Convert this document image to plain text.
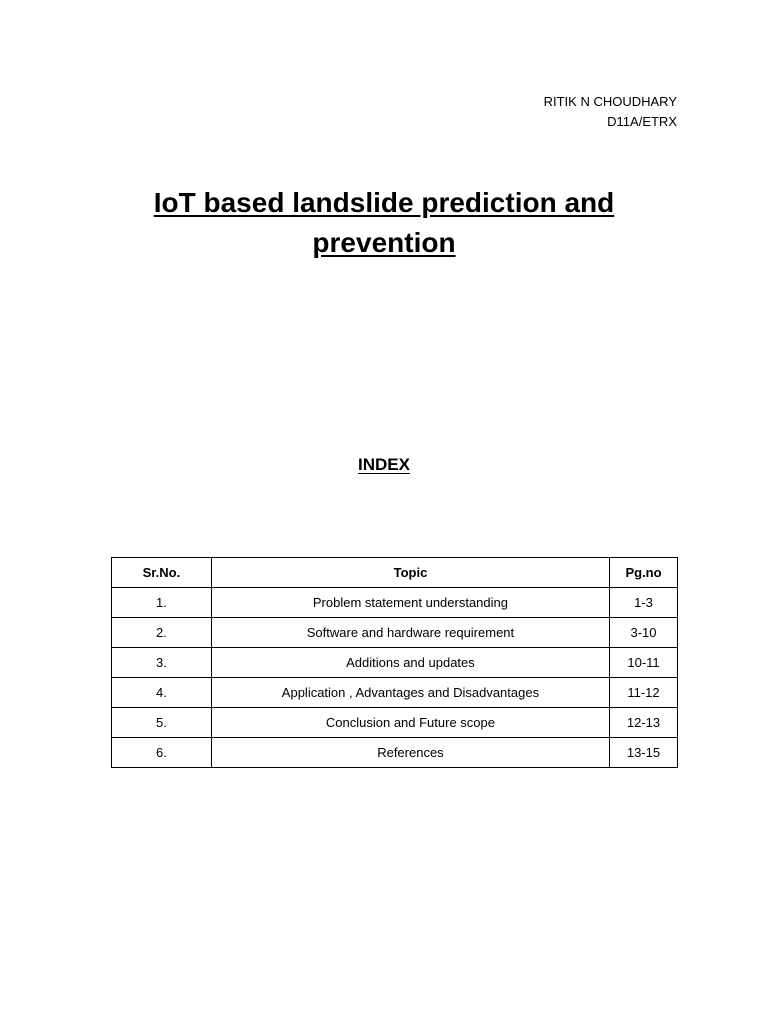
RITIK N CHOUDHARY
D11A/ETRX
IoT based landslide prediction and
prevention
INDEX
Sr.No.	Topic	Pg.no
1.	Problem statement understanding	1-3
2.	Software and hardware requirement	3-10
3.	Additions and updates	10-11
4.	Application , Advantages and Disadvantages	11-12
5.	Conclusion and Future scope	12-13
6.	References	13-15
